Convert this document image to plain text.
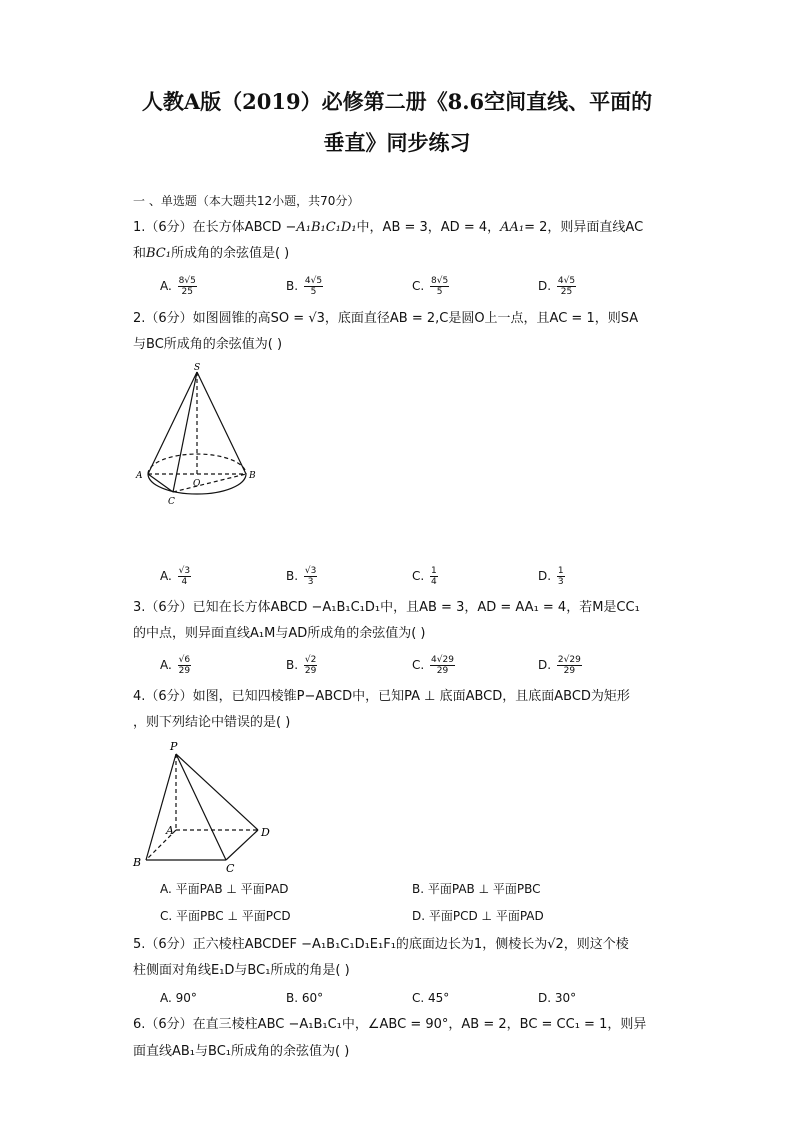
人教A版（2019）必修第二册《8.6空间直线、平面的
垂直》同步练习
一 、单选题（本大题共12小题，共70分）
1.（6分）在长方体ABCD −A₁B₁C₁D₁中，AB = 3，AD = 4，AA₁= 2，则异面直线AC
和BC₁所成角的余弦值是( )
A. $\frac{8√5}{25}$	B. $\frac{4√5}{5}$	C. $\frac{8√5}{5}$	D. $\frac{4√5}{25}$
2.（6分）如图圆锥的高SO = √3，底面直径AB = 2,C是圆O上一点，且AC = 1，则SA
与BC所成角的余弦值为( )
S
A	B
O
C
A. $\frac{√3}{4}$	B. $\frac{√3}{3}$	C. $\frac{1}{4}$	D. $\frac{1}{3}$
3.（6分）已知在长方体ABCD −A₁B₁C₁D₁中，且AB = 3，AD = AA₁ = 4，若M是CC₁
的中点，则异面直线A₁M与AD所成角的余弦值为( )
A. $\frac{√6}{29}$	B. $\frac{√2}{29}$	C. $\frac{4√29}{29}$	D. $\frac{2√29}{29}$
4.（6分）如图，已知四棱锥P−ABCD中，已知PA ⊥ 底面ABCD，且底面ABCD为矩形
，则下列结论中错误的是( )
P
A
B	C
D
A. 平面PAB ⊥ 平面PAD	B. 平面PAB ⊥ 平面PBC
C. 平面PBC ⊥ 平面PCD	D. 平面PCD ⊥ 平面PAD
5.（6分）正六棱柱ABCDEF −A₁B₁C₁D₁E₁F₁的底面边长为1，侧棱长为√2，则这个棱
柱侧面对角线E₁D与BC₁所成的角是( )
A. 90°	B. 60°	C. 45°	D. 30°
6.（6分）在直三棱柱ABC −A₁B₁C₁中，∠ABC = 90°，AB = 2，BC = CC₁ = 1，则异
面直线AB₁与BC₁所成角的余弦值为( )
